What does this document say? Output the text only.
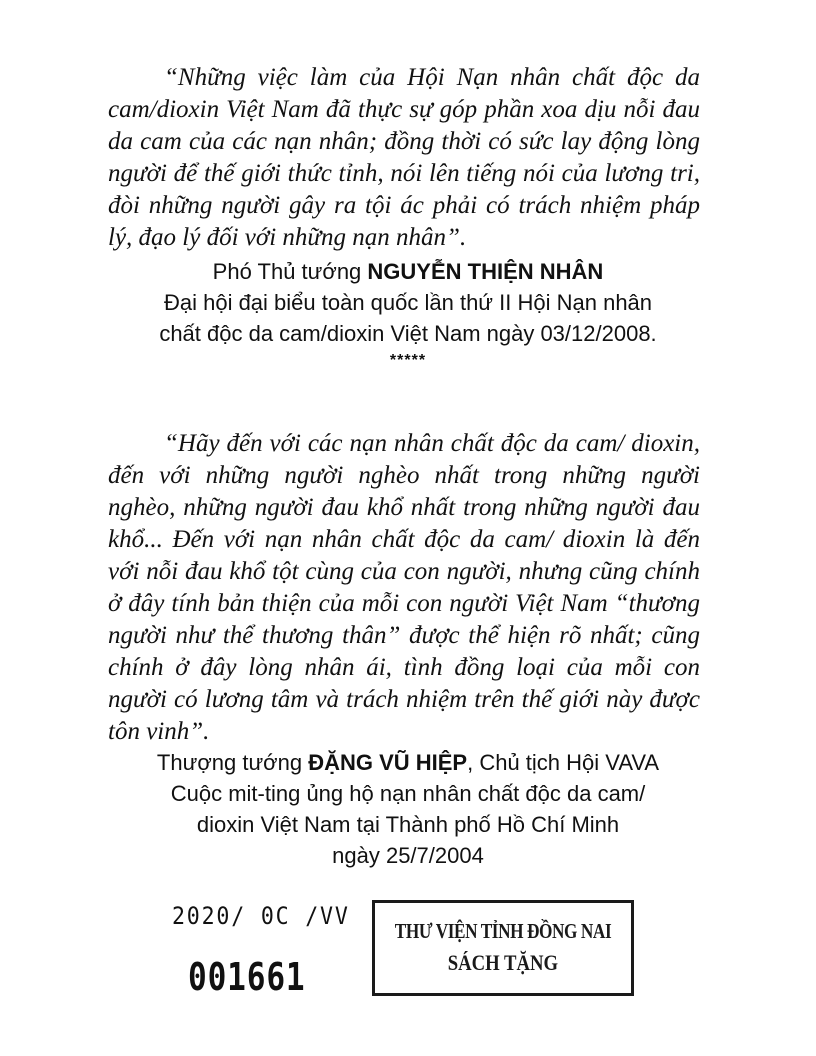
“Những việc làm của Hội Nạn nhân chất độc da cam/dioxin Việt Nam đã thực sự góp phần xoa dịu nỗi đau da cam của các nạn nhân; đồng thời có sức lay động lòng người để thế giới thức tỉnh, nói lên tiếng nói của lương tri, đòi những người gây ra tội ác phải có trách nhiệm pháp lý, đạo lý đối với những nạn nhân”.

Phó Thủ tướng NGUYỄN THIỆN NHÂN
Đại hội đại biểu toàn quốc lần thứ II Hội Nạn nhân
chất độc da cam/dioxin Việt Nam ngày 03/12/2008.
*****

“Hãy đến với các nạn nhân chất độc da cam/ dioxin, đến với những người nghèo nhất trong những người nghèo, những người đau khổ nhất trong những người đau khổ... Đến với nạn nhân chất độc da cam/ dioxin là đến với nỗi đau khổ tột cùng của con người, nhưng cũng chính ở đây tính bản thiện của mỗi con người Việt Nam “thương người như thể thương thân” được thể hiện rõ nhất; cũng chính ở đây lòng nhân ái, tình đồng loại của mỗi con người có lương tâm và trách nhiệm trên thế giới này được tôn vinh”.

Thượng tướng ĐẶNG VŨ HIỆP, Chủ tịch Hội VAVA
Cuộc mit-ting ủng hộ nạn nhân chất độc da cam/
dioxin Việt Nam tại Thành phố Hồ Chí Minh
ngày 25/7/2004
2020/ 0C /VV
001661
THƯ VIỆN TỈNH ĐỒNG NAI
SÁCH TẶNG
